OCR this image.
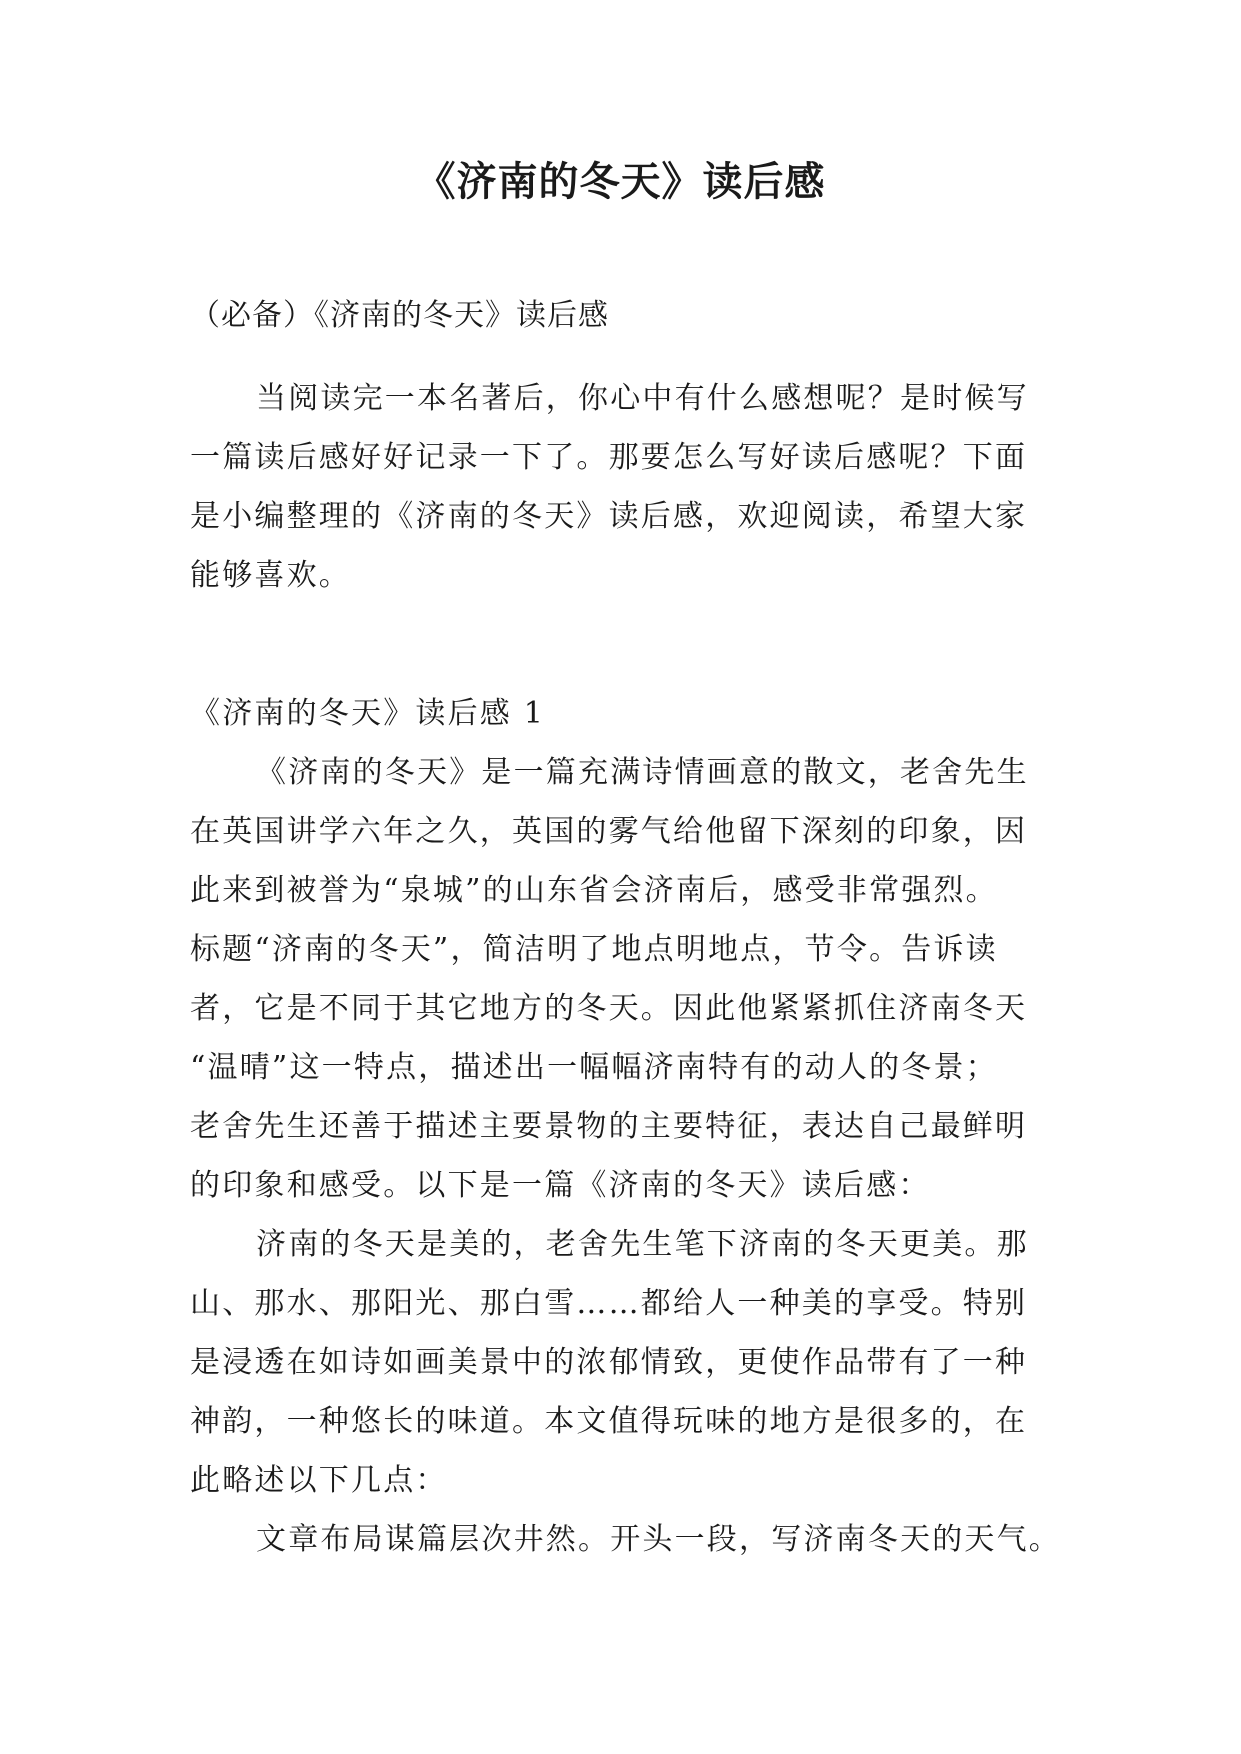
《济南的冬天》读后感
（必备）《济南的冬天》读后感
当阅读完一本名著后，你心中有什么感想呢？是时候写
一篇读后感好好记录一下了。那要怎么写好读后感呢？下面
是小编整理的《济南的冬天》读后感，欢迎阅读，希望大家
能够喜欢。
《济南的冬天》读后感 1
《济南的冬天》是一篇充满诗情画意的散文，老舍先生
在英国讲学六年之久，英国的雾气给他留下深刻的印象，因
此来到被誉为“泉城”的山东省会济南后，感受非常强烈。
标题“济南的冬天”，简洁明了地点明地点，节令。告诉读
者，它是不同于其它地方的冬天。因此他紧紧抓住济南冬天
“温晴”这一特点，描述出一幅幅济南特有的动人的冬景；
老舍先生还善于描述主要景物的主要特征，表达自己最鲜明
的印象和感受。以下是一篇《济南的冬天》读后感：
济南的冬天是美的，老舍先生笔下济南的冬天更美。那
山、那水、那阳光、那白雪……都给人一种美的享受。特别
是浸透在如诗如画美景中的浓郁情致，更使作品带有了一种
神韵，一种悠长的味道。本文值得玩味的地方是很多的，在
此略述以下几点：
文章布局谋篇层次井然。开头一段，写济南冬天的天气。
